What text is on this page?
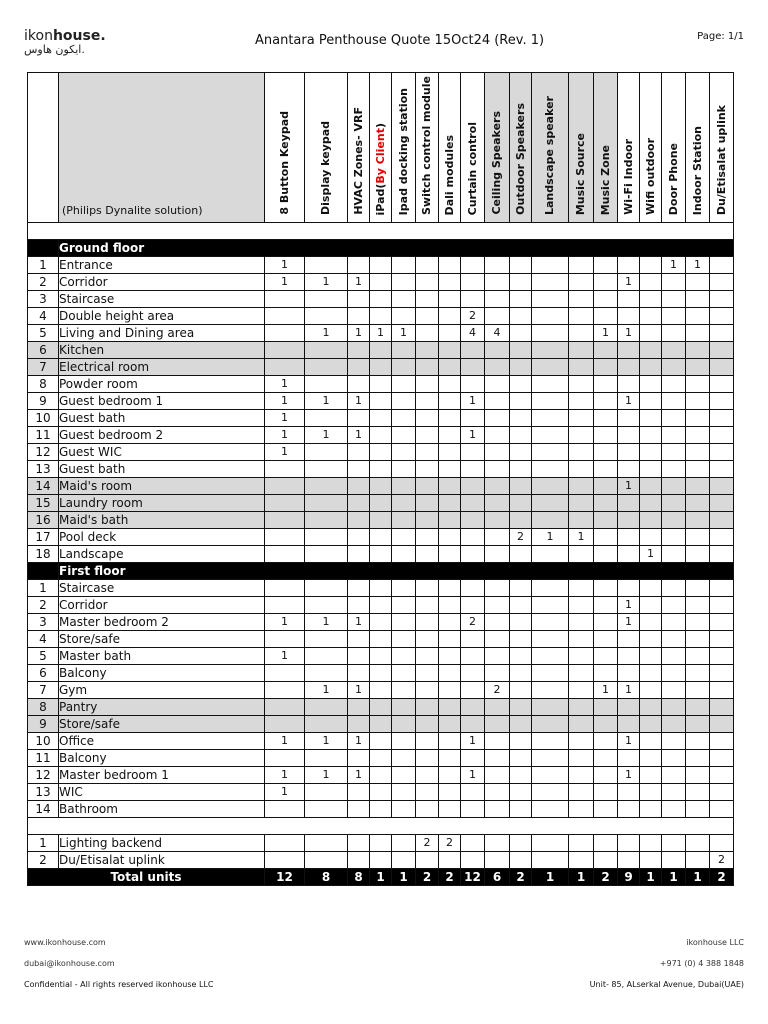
ikonhouse.
ايكون هاوس.
Anantara Penthouse Quote 15Oct24 (Rev. 1)	Page: 1/1
	(Philips Dynalite solution)	8 Button Keypad	Display keypad	HVAC Zones- VRF	iPad(By Client)	Ipad docking station	Switch control module	Dali modules	Curtain control	Ceiling Speakers	Outdoor Speakers	Landscape speaker	Music Source	Music Zone	Wi-Fi Indoor	Wifi outdoor	Door Phone	Indoor Station	Du/Etisalat uplink

	Ground floor																		
1	Entrance	1															1	1	
2	Corridor	1	1	1											1				
3	Staircase																		
4	Double height area								2										
5	Living and Dining area		1	1	1	1			4	4				1	1				
6	Kitchen																		
7	Electrical room																		
8	Powder room	1																	
9	Guest bedroom 1	1	1	1					1						1				
10	Guest bath	1																	
11	Guest bedroom 2	1	1	1					1										
12	Guest WIC	1																	
13	Guest bath																		
14	Maid's room														1				
15	Laundry room																		
16	Maid's bath																		
17	Pool deck										2	1	1						
18	Landscape															1			
	First floor																		
1	Staircase																		
2	Corridor														1				
3	Master bedroom 2	1	1	1					2						1				
4	Store/safe																		
5	Master bath	1																	
6	Balcony																		
7	Gym		1	1						2				1	1				
8	Pantry																		
9	Store/safe																		
10	Office	1	1	1					1						1				
11	Balcony																		
12	Master bedroom 1	1	1	1					1						1				
13	WIC	1																	
14	Bathroom																		

1	Lighting backend						2	2											
2	Du/Etisalat uplink																		2
Total units		12	8	8	1	1	2	2	12	6	2	1	1	2	9	1	1	1	2
www.ikonhouse.com
dubai@ikonhouse.com
Confidential - All rights reserved ikonhouse LLC
ikonhouse LLC
+971 (0) 4 388 1848
Unit- 85, ALserkal Avenue, Dubai(UAE)
